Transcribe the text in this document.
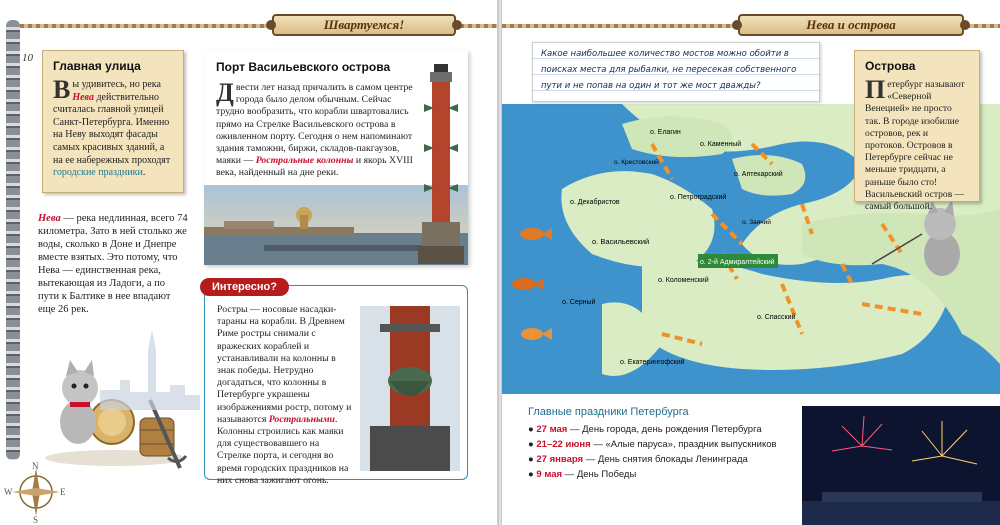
Швартуемся!
10
Главная улица
Вы удивитесь, но река Нева действительно считалась главной улицей Санкт-Петербурга. Именно на Неву выходят фасады самых красивых зданий, а на ее набережных проходят городские праздники.
Нева — река недлинная, всего 74 километра. Зато в ней столько же воды, сколько в Доне и Днепре вместе взятых. Это потому, что Нева — единственная река, вытекающая из Ладоги, а по пути к Балтике в нее впадают еще 26 рек.
N
S
W	E
Порт Васильевского острова
Двести лет назад причалить в самом центре города было делом обычным. Сейчас трудно вообразить, что корабли швартовались прямо на Стрелке Васильевского острова в оживленном порту. Сегодня о нем напоминают здания таможни, биржи, складов-пакгаузов, маяки — Ростральные колонны и якорь XVIII века, найденный на дне реки.
Ростры — носовые насадки-тараны на корабли. В Древнем Риме ростры снимали с вражеских кораблей и устанавливали на колонны в знак победы. Нетрудно догадаться, что колонны в Петербурге украшены изображениями ростр, потому и называются Ростральными. Колонны строились как маяки для существовавшего на Стрелке порта, и сегодня во время городских праздников на них снова зажигают огонь.
Интересно?
Нева и острова
о. Елагин
о. Каменный
о. Крестовский
о. Аптекарский
о. Петроградский
о. Заячий
о. Декабристов
о. Васильевский
о. 2-й Адмиралтейский
о. Коломенский
о. Спасский
о. Екатерингофский
о. Серный
Какое наибольшее количество мостов можно обойти в поисках места для рыбалки, не пересекая собственного пути и не попав на один и тот же мост дважды?
Острова
Петербург называют «Северной Венецией» не просто так. В городе изобилие островов, рек и протоков. Островов в Петербурге сейчас не меньше тридцати, а раньше было сто! Васильевский остров — самый большой.
Главные праздники Петербурга
● 27 мая — День города, день рождения Петербурга
● 21–22 июня — «Алые паруса», праздник выпускников
● 27 января — День снятия блокады Ленинграда
● 9 мая — День Победы
